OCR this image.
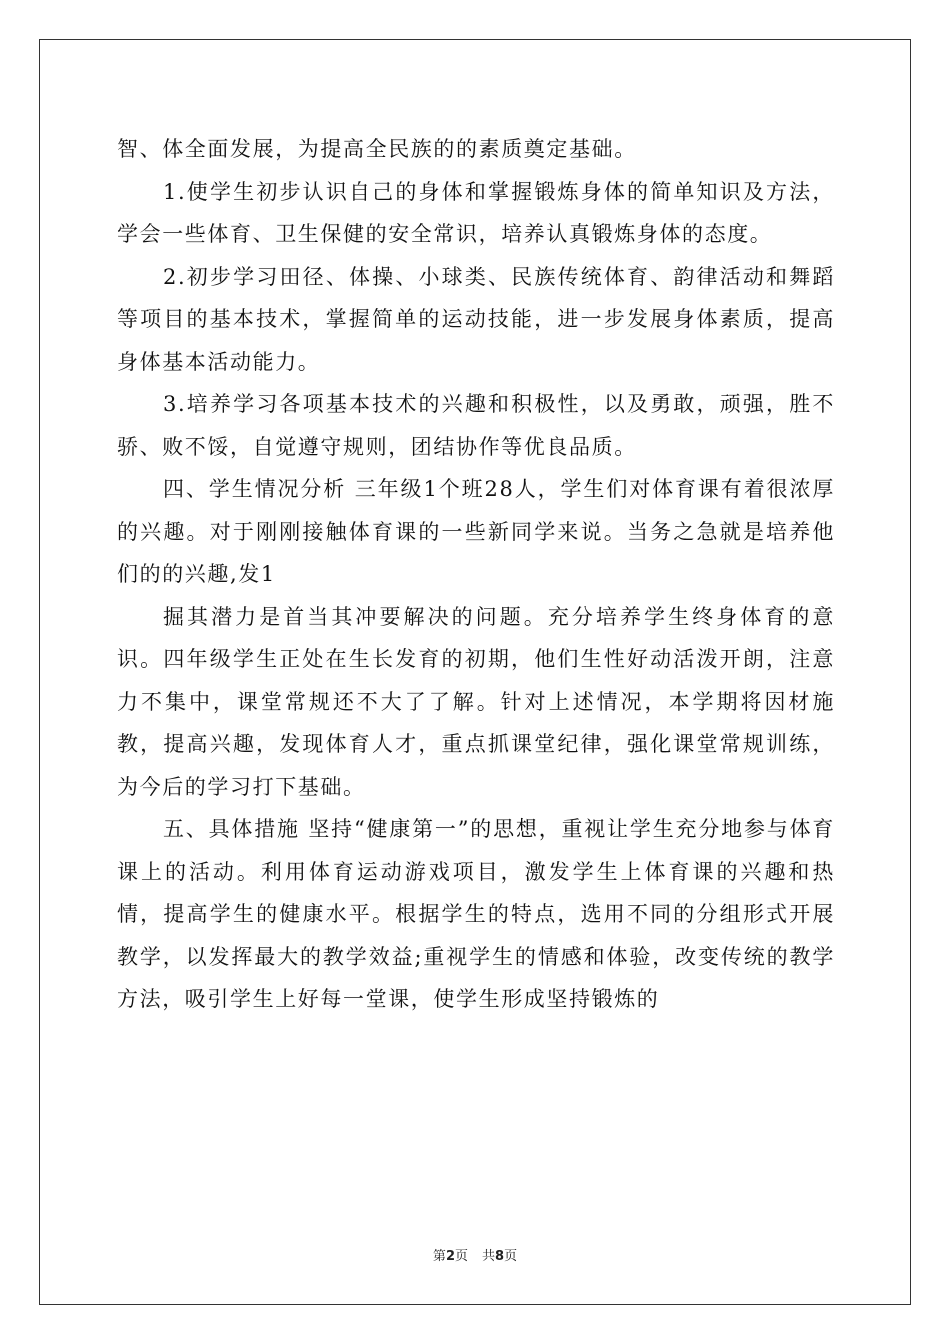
智、体全面发展，为提高全民族的的素质奠定基础。

1.使学生初步认识自己的身体和掌握锻炼身体的简单知识及方法，学会一些体育、卫生保健的安全常识，培养认真锻炼身体的态度。

2.初步学习田径、体操、小球类、民族传统体育、韵律活动和舞蹈等项目的基本技术，掌握简单的运动技能，进一步发展身体素质，提高身体基本活动能力。

3.培养学习各项基本技术的兴趣和积极性，以及勇敢，顽强，胜不骄、败不馁，自觉遵守规则，团结协作等优良品质。

四、学生情况分析 三年级1个班28人，学生们对体育课有着很浓厚的兴趣。对于刚刚接触体育课的一些新同学来说。当务之急就是培养他们的的兴趣,发1

掘其潜力是首当其冲要解决的问题。充分培养学生终身体育的意识。四年级学生正处在生长发育的初期，他们生性好动活泼开朗，注意力不集中，课堂常规还不大了了解。针对上述情况，本学期将因材施教，提高兴趣，发现体育人才，重点抓课堂纪律，强化课堂常规训练，为今后的学习打下基础。

五、具体措施 坚持“健康第一”的思想，重视让学生充分地参与体育课上的活动。利用体育运动游戏项目，激发学生上体育课的兴趣和热情，提高学生的健康水平。根据学生的特点，选用不同的分组形式开展教学，以发挥最大的教学效益;重视学生的情感和体验，改变传统的教学方法，吸引学生上好每一堂课，使学生形成坚持锻炼的

第2页 共8页
